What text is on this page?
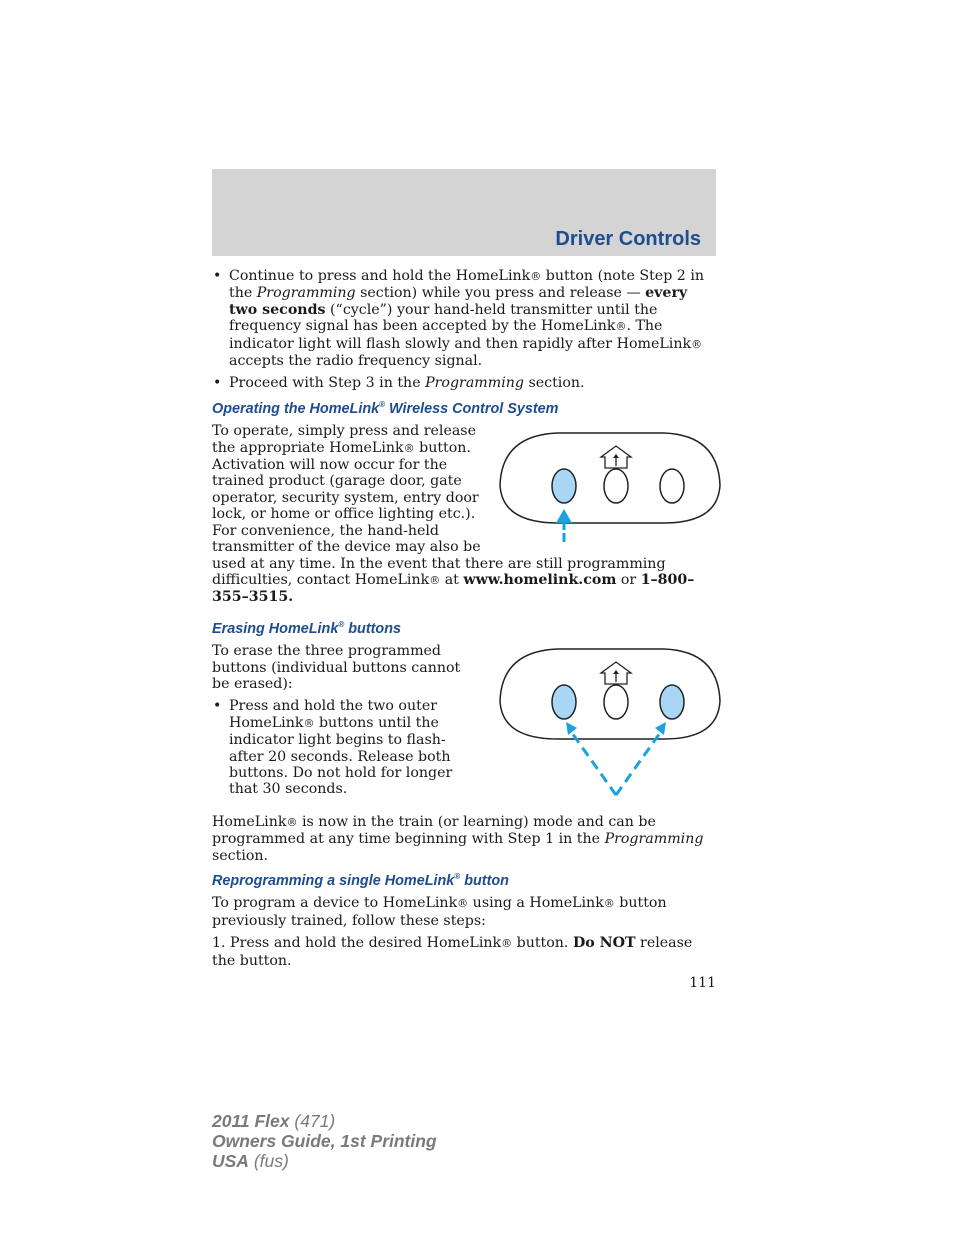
Driver Controls
• Continue to press and hold the HomeLink® button (note Step 2 in the Programming section) while you press and release — every two seconds (“cycle”) your hand-held transmitter until the frequency signal has been accepted by the HomeLink®. The indicator light will flash slowly and then rapidly after HomeLink® accepts the radio frequency signal.
• Proceed with Step 3 in the Programming section.
Operating the HomeLink® Wireless Control System

To operate, simply press and release the appropriate HomeLink® button. Activation will now occur for the trained product (garage door, gate operator, security system, entry door lock, or home or office lighting etc.). For convenience, the hand-held transmitter of the device may also be used at any time. In the event that there are still programming difficulties, contact HomeLink® at www.homelink.com or 1–800–355–3515.

Erasing HomeLink® buttons

To erase the three programmed buttons (individual buttons cannot be erased):

• Press and hold the two outer HomeLink® buttons until the indicator light begins to flash-after 20 seconds. Release both buttons. Do not hold for longer that 30 seconds.

HomeLink® is now in the train (or learning) mode and can be programmed at any time beginning with Step 1 in the Programming section.

Reprogramming a single HomeLink® button

To program a device to HomeLink® using a HomeLink® button previously trained, follow these steps:

1. Press and hold the desired HomeLink® button. Do NOT release the button.

111
2011 Flex (471)
Owners Guide, 1st Printing
USA (fus)
